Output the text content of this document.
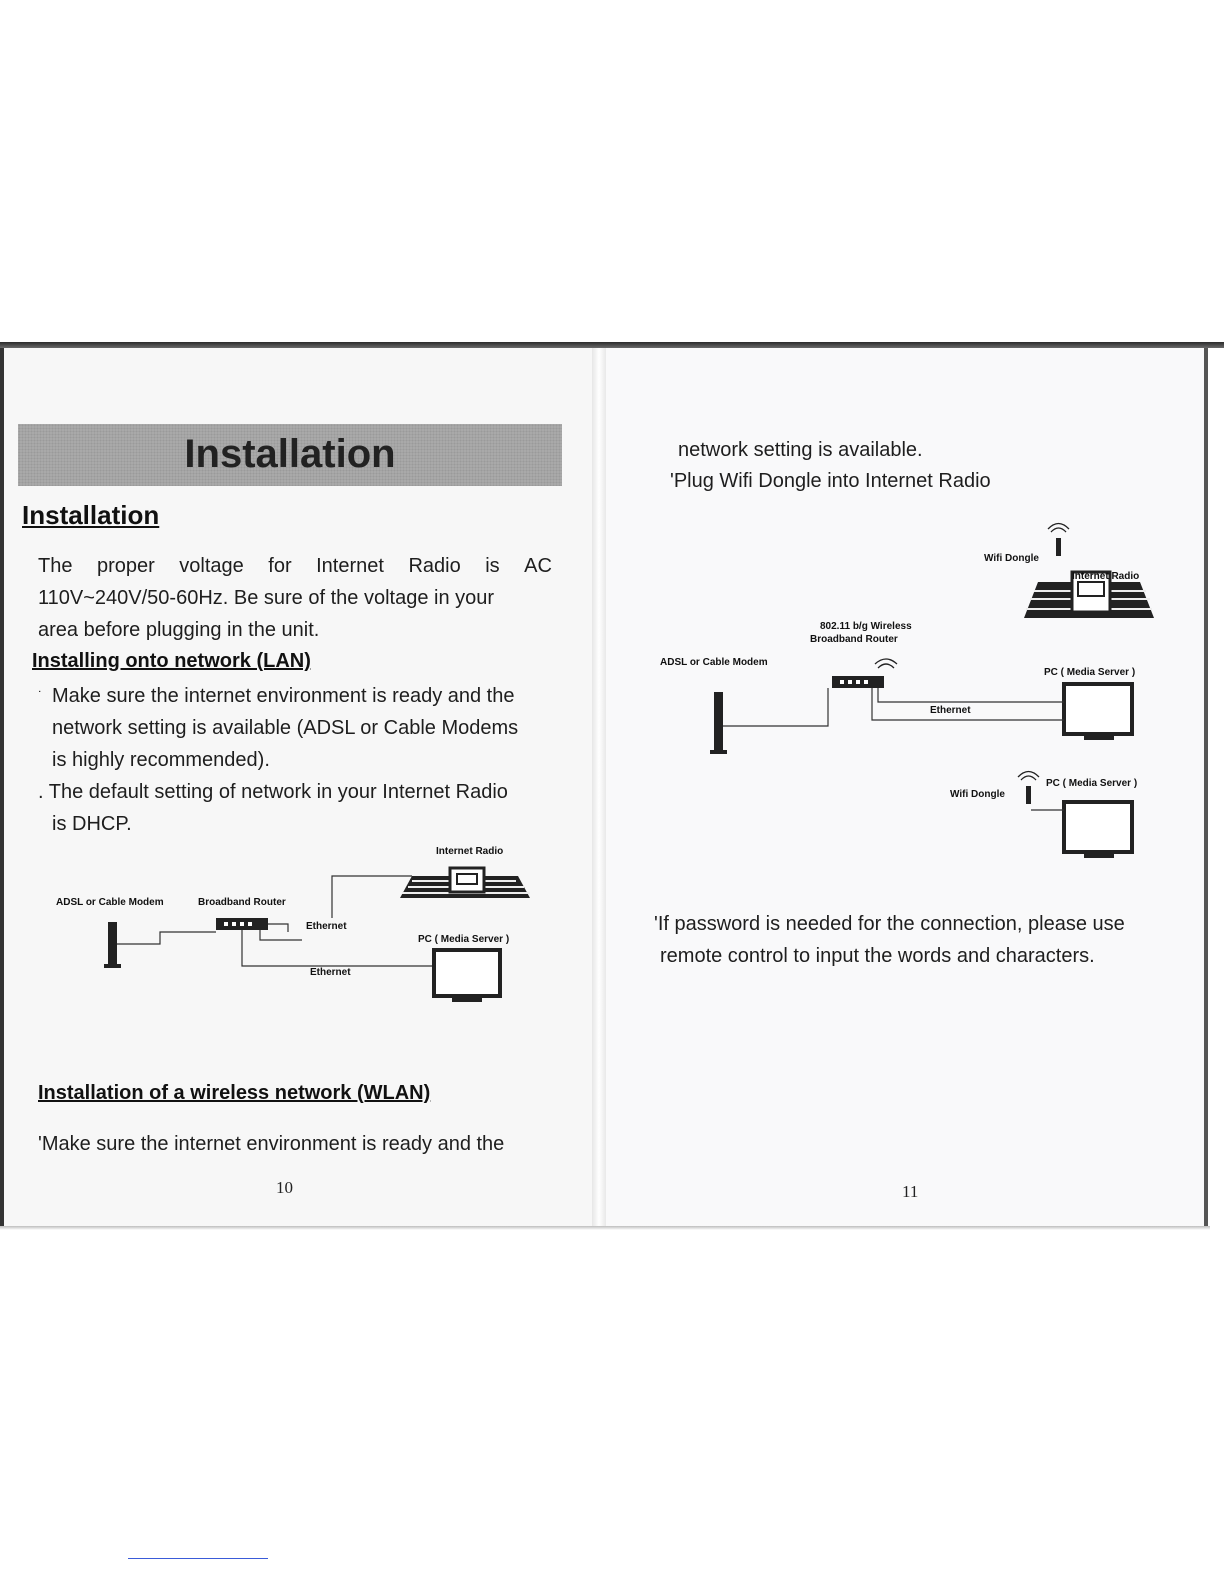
Installation
Installation
The proper voltage for Internet Radio is AC
110V~240V/50-60Hz. Be sure of the voltage in your
area before plugging in the unit.
Installing onto network (LAN)
˙ Make sure the internet environment is ready and the
network setting is available (ADSL or Cable Modems
is highly recommended).
. The default setting of network in your Internet Radio
is DHCP.
Internet Radio
ADSL or Cable Modem	Broadband Router
Ethernet
PC ( Media Server )
Ethernet
Installation of a wireless network (WLAN)
'Make sure the internet environment is ready and the
10
network setting is available.
'Plug Wifi Dongle into Internet Radio
Wifi Dongle
Internet Radio
802.11 b/g Wireless
Broadband Router
ADSL or Cable Modem
PC ( Media Server )
Ethernet
PC ( Media Server )
Wifi Dongle
'If password is needed for the connection, please use
remote control to input the words and characters.
11
